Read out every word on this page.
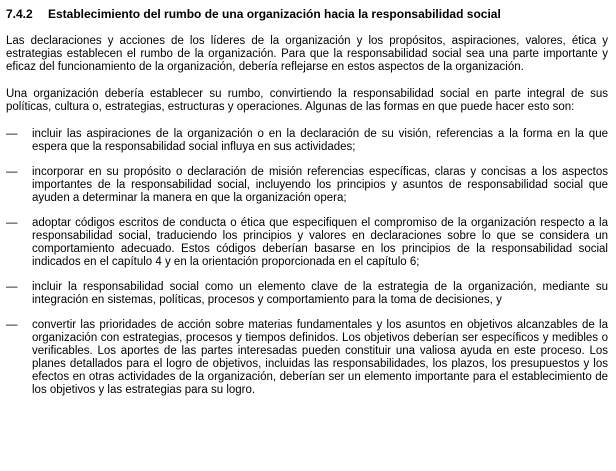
7.4.2 Establecimiento del rumbo de una organización hacia la responsabilidad social

Las declaraciones y acciones de los líderes de la organización y los propósitos, aspiraciones, valores, ética y estrategias establecen el rumbo de la organización. Para que la responsabilidad social sea una parte importante y eficaz del funcionamiento de la organización, debería reflejarse en estos aspectos de la organización.

Una organización debería establecer su rumbo, convirtiendo la responsabilidad social en parte integral de sus políticas, cultura o, estrategias, estructuras y operaciones. Algunas de las formas en que puede hacer esto son:

—	incluir las aspiraciones de la organización o en la declaración de su visión, referencias a la forma en la que espera que la responsabilidad social influya en sus actividades;
—	incorporar en su propósito o declaración de misión referencias específicas, claras y concisas a los aspectos importantes de la responsabilidad social, incluyendo los principios y asuntos de responsabilidad social que ayuden a determinar la manera en que la organización opera;
—	adoptar códigos escritos de conducta o ética que especifiquen el compromiso de la organización respecto a la responsabilidad social, traduciendo los principios y valores en declaraciones sobre lo que se considera un comportamiento adecuado. Estos códigos deberían basarse en los principios de la responsabilidad social indicados en el capítulo 4 y en la orientación proporcionada en el capítulo 6;
—	incluir la responsabilidad social como un elemento clave de la estrategia de la organización, mediante su integración en sistemas, políticas, procesos y comportamiento para la toma de decisiones, y
—	convertir las prioridades de acción sobre materias fundamentales y los asuntos en objetivos alcanzables de la organización con estrategias, procesos y tiempos definidos. Los objetivos deberían ser específicos y medibles o verificables. Los aportes de las partes interesadas pueden constituir una valiosa ayuda en este proceso. Los planes detallados para el logro de objetivos, incluidas las responsabilidades, los plazos, los presupuestos y los efectos en otras actividades de la organización, deberían ser un elemento importante para el establecimiento de los objetivos y las estrategias para su logro.
